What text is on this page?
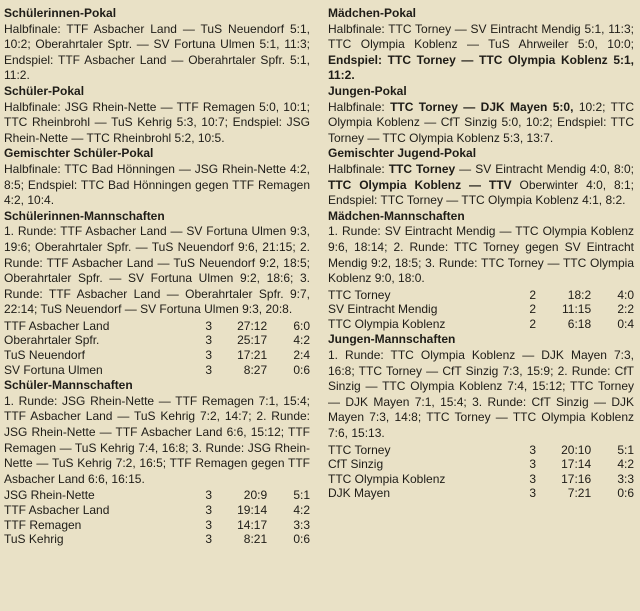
Schülerinnen-Pokal
Halbfinale: TTF Asbacher Land — TuS Neuendorf 5:1, 10:2; Oberahrtaler Sptr. — SV Fortuna Ulmen 5:1, 11:3; Endspiel: TTF Asbacher Land — Oberahrtaler Spfr. 5:1, 11:2.
Schüler-Pokal
Halbfinale: JSG Rhein-Nette — TTF Remagen 5:0, 10:1; TTC Rheinbrohl — TuS Kehrig 5:3, 10:7; Endspiel: JSG Rhein-Nette — TTC Rheinbrohl 5:2, 10:5.
Gemischter Schüler-Pokal
Halbfinale: TTC Bad Hönningen — JSG Rhein-Nette 4:2, 8:5; Endspiel: TTC Bad Hönningen gegen TTF Remagen 4:2, 10:4.
Schülerinnen-Mannschaften
1. Runde: TTF Asbacher Land — SV Fortuna Ulmen 9:3, 19:6; Oberahrtaler Spfr. — TuS Neuendorf 9:6, 21:15; 2. Runde: TTF Asbacher Land — TuS Neuendorf 9:2, 18:5; Oberahrtaler Spfr. — SV Fortuna Ulmen 9:2, 18:6; 3. Runde: TTF Asbacher Land — Oberahrtaler Spfr. 9:7, 22:14; TuS Neuendorf — SV Fortuna Ulmen 9:3, 20:8.
TTF Asbacher Land	3	27:12	6:0
Oberahrtaler Spfr.	3	25:17	4:2
TuS Neuendorf	3	17:21	2:4
SV Fortuna Ulmen	3	8:27	0:6
Schüler-Mannschaften
1. Runde: JSG Rhein-Nette — TTF Remagen 7:1, 15:4; TTF Asbacher Land — TuS Kehrig 7:2, 14:7; 2. Runde: JSG Rhein-Nette — TTF Asbacher Land 6:6, 15:12; TTF Remagen — TuS Kehrig 7:4, 16:8; 3. Runde: JSG Rhein-Nette — TuS Kehrig 7:2, 16:5; TTF Remagen gegen TTF Asbacher Land 6:6, 16:15.
JSG Rhein-Nette	3	20:9	5:1
TTF Asbacher Land	3	19:14	4:2
TTF Remagen	3	14:17	3:3
TuS Kehrig	3	8:21	0:6
Mädchen-Pokal
Halbfinale: TTC Torney — SV Eintracht Mendig 5:1, 11:3; TTC Olympia Koblenz — TuS Ahrweiler 5:0, 10:0; Endspiel: TTC Torney — TTC Olympia Koblenz 5:1, 11:2.
Jungen-Pokal
Halbfinale: TTC Torney — DJK Mayen 5:0, 10:2; TTC Olympia Koblenz — CfT Sinzig 5:0, 10:2; Endspiel: TTC Torney — TTC Olympia Koblenz 5:3, 13:7.
Gemischter Jugend-Pokal
Halbfinale: TTC Torney — SV Eintracht Mendig 4:0, 8:0; TTC Olympia Koblenz — TTV Oberwinter 4:0, 8:1; Endspiel: TTC Torney — TTC Olympia Koblenz 4:1, 8:2.
Mädchen-Mannschaften
1. Runde: SV Eintracht Mendig — TTC Olympia Koblenz 9:6, 18:14; 2. Runde: TTC Torney gegen SV Eintracht Mendig 9:2, 18:5; 3. Runde: TTC Torney — TTC Olympia Koblenz 9:0, 18:0.
TTC Torney	2	18:2	4:0
SV Eintracht Mendig	2	11:15	2:2
TTC Olympia Koblenz	2	6:18	0:4
Jungen-Mannschaften
1. Runde: TTC Olympia Koblenz — DJK Mayen 7:3, 16:8; TTC Torney — CfT Sinzig 7:3, 15:9; 2. Runde: CfT Sinzig — TTC Olympia Koblenz 7:4, 15:12; TTC Torney — DJK Mayen 7:1, 15:4; 3. Runde: CfT Sinzig — DJK Mayen 7:3, 14:8; TTC Torney — TTC Olympia Koblenz 7:6, 15:13.
TTC Torney	3	20:10	5:1
CfT Sinzig	3	17:14	4:2
TTC Olympia Koblenz	3	17:16	3:3
DJK Mayen	3	7:21	0:6
